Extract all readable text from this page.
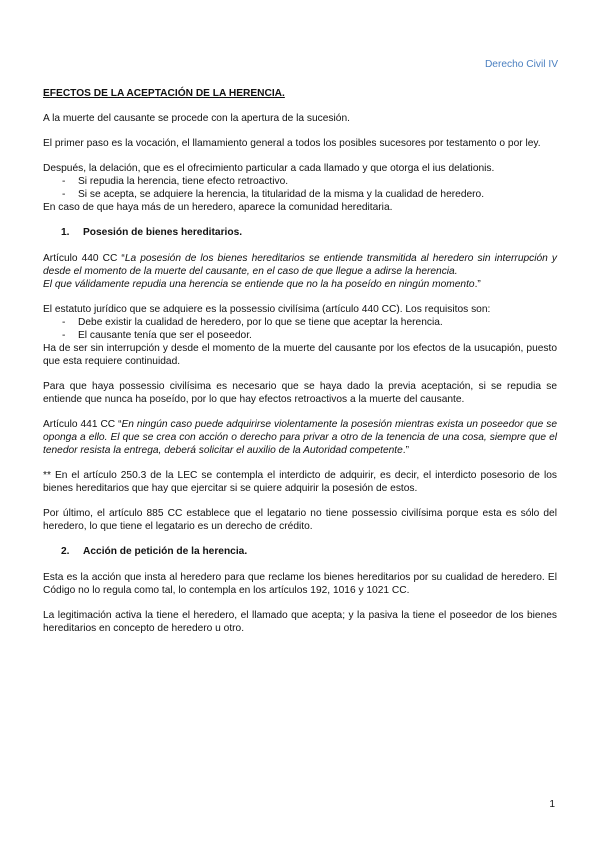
Derecho Civil IV

EFECTOS DE LA ACEPTACIÓN DE LA HERENCIA.

A la muerte del causante se procede con la apertura de la sucesión.

El primer paso es la vocación, el llamamiento general a todos los posibles sucesores por testamento o por ley.

Después, la delación, que es el ofrecimiento particular a cada llamado y que otorga el ius delationis.

- Si repudia la herencia, tiene efecto retroactivo.
- Si se acepta, se adquiere la herencia, la titularidad de la misma y la cualidad de heredero.

En caso de que haya más de un heredero, aparece la comunidad hereditaria.

1. Posesión de bienes hereditarios.

Artículo 440 CC “La posesión de los bienes hereditarios se entiende transmitida al heredero sin interrupción y desde el momento de la muerte del causante, en el caso de que llegue a adirse la herencia.

El que válidamente repudia una herencia se entiende que no la ha poseído en ningún momento.”

El estatuto jurídico que se adquiere es la possessio civilísima (artículo 440 CC). Los requisitos son:

- Debe existir la cualidad de heredero, por lo que se tiene que aceptar la herencia.
- El causante tenía que ser el poseedor.

Ha de ser sin interrupción y desde el momento de la muerte del causante por los efectos de la usucapión, puesto que esta requiere continuidad.

Para que haya possessio civilísima es necesario que se haya dado la previa aceptación, si se repudia se entiende que nunca ha poseído, por lo que hay efectos retroactivos a la muerte del causante.

Artículo 441 CC “En ningún caso puede adquirirse violentamente la posesión mientras exista un poseedor que se oponga a ello. El que se crea con acción o derecho para privar a otro de la tenencia de una cosa, siempre que el tenedor resista la entrega, deberá solicitar el auxilio de la Autoridad competente.”

** En el artículo 250.3 de la LEC se contempla el interdicto de adquirir, es decir, el interdicto posesorio de los bienes hereditarios que hay que ejercitar si se quiere adquirir la posesión de estos.

Por último, el artículo 885 CC establece que el legatario no tiene possessio civilísima porque esta es sólo del heredero, lo que tiene el legatario es un derecho de crédito.

2. Acción de petición de la herencia.

Esta es la acción que insta al heredero para que reclame los bienes hereditarios por su cualidad de heredero. El Código no lo regula como tal, lo contempla en los artículos 192, 1016 y 1021 CC.

La legitimación activa la tiene el heredero, el llamado que acepta; y la pasiva la tiene el poseedor de los bienes hereditarios en concepto de heredero u otro.

1
